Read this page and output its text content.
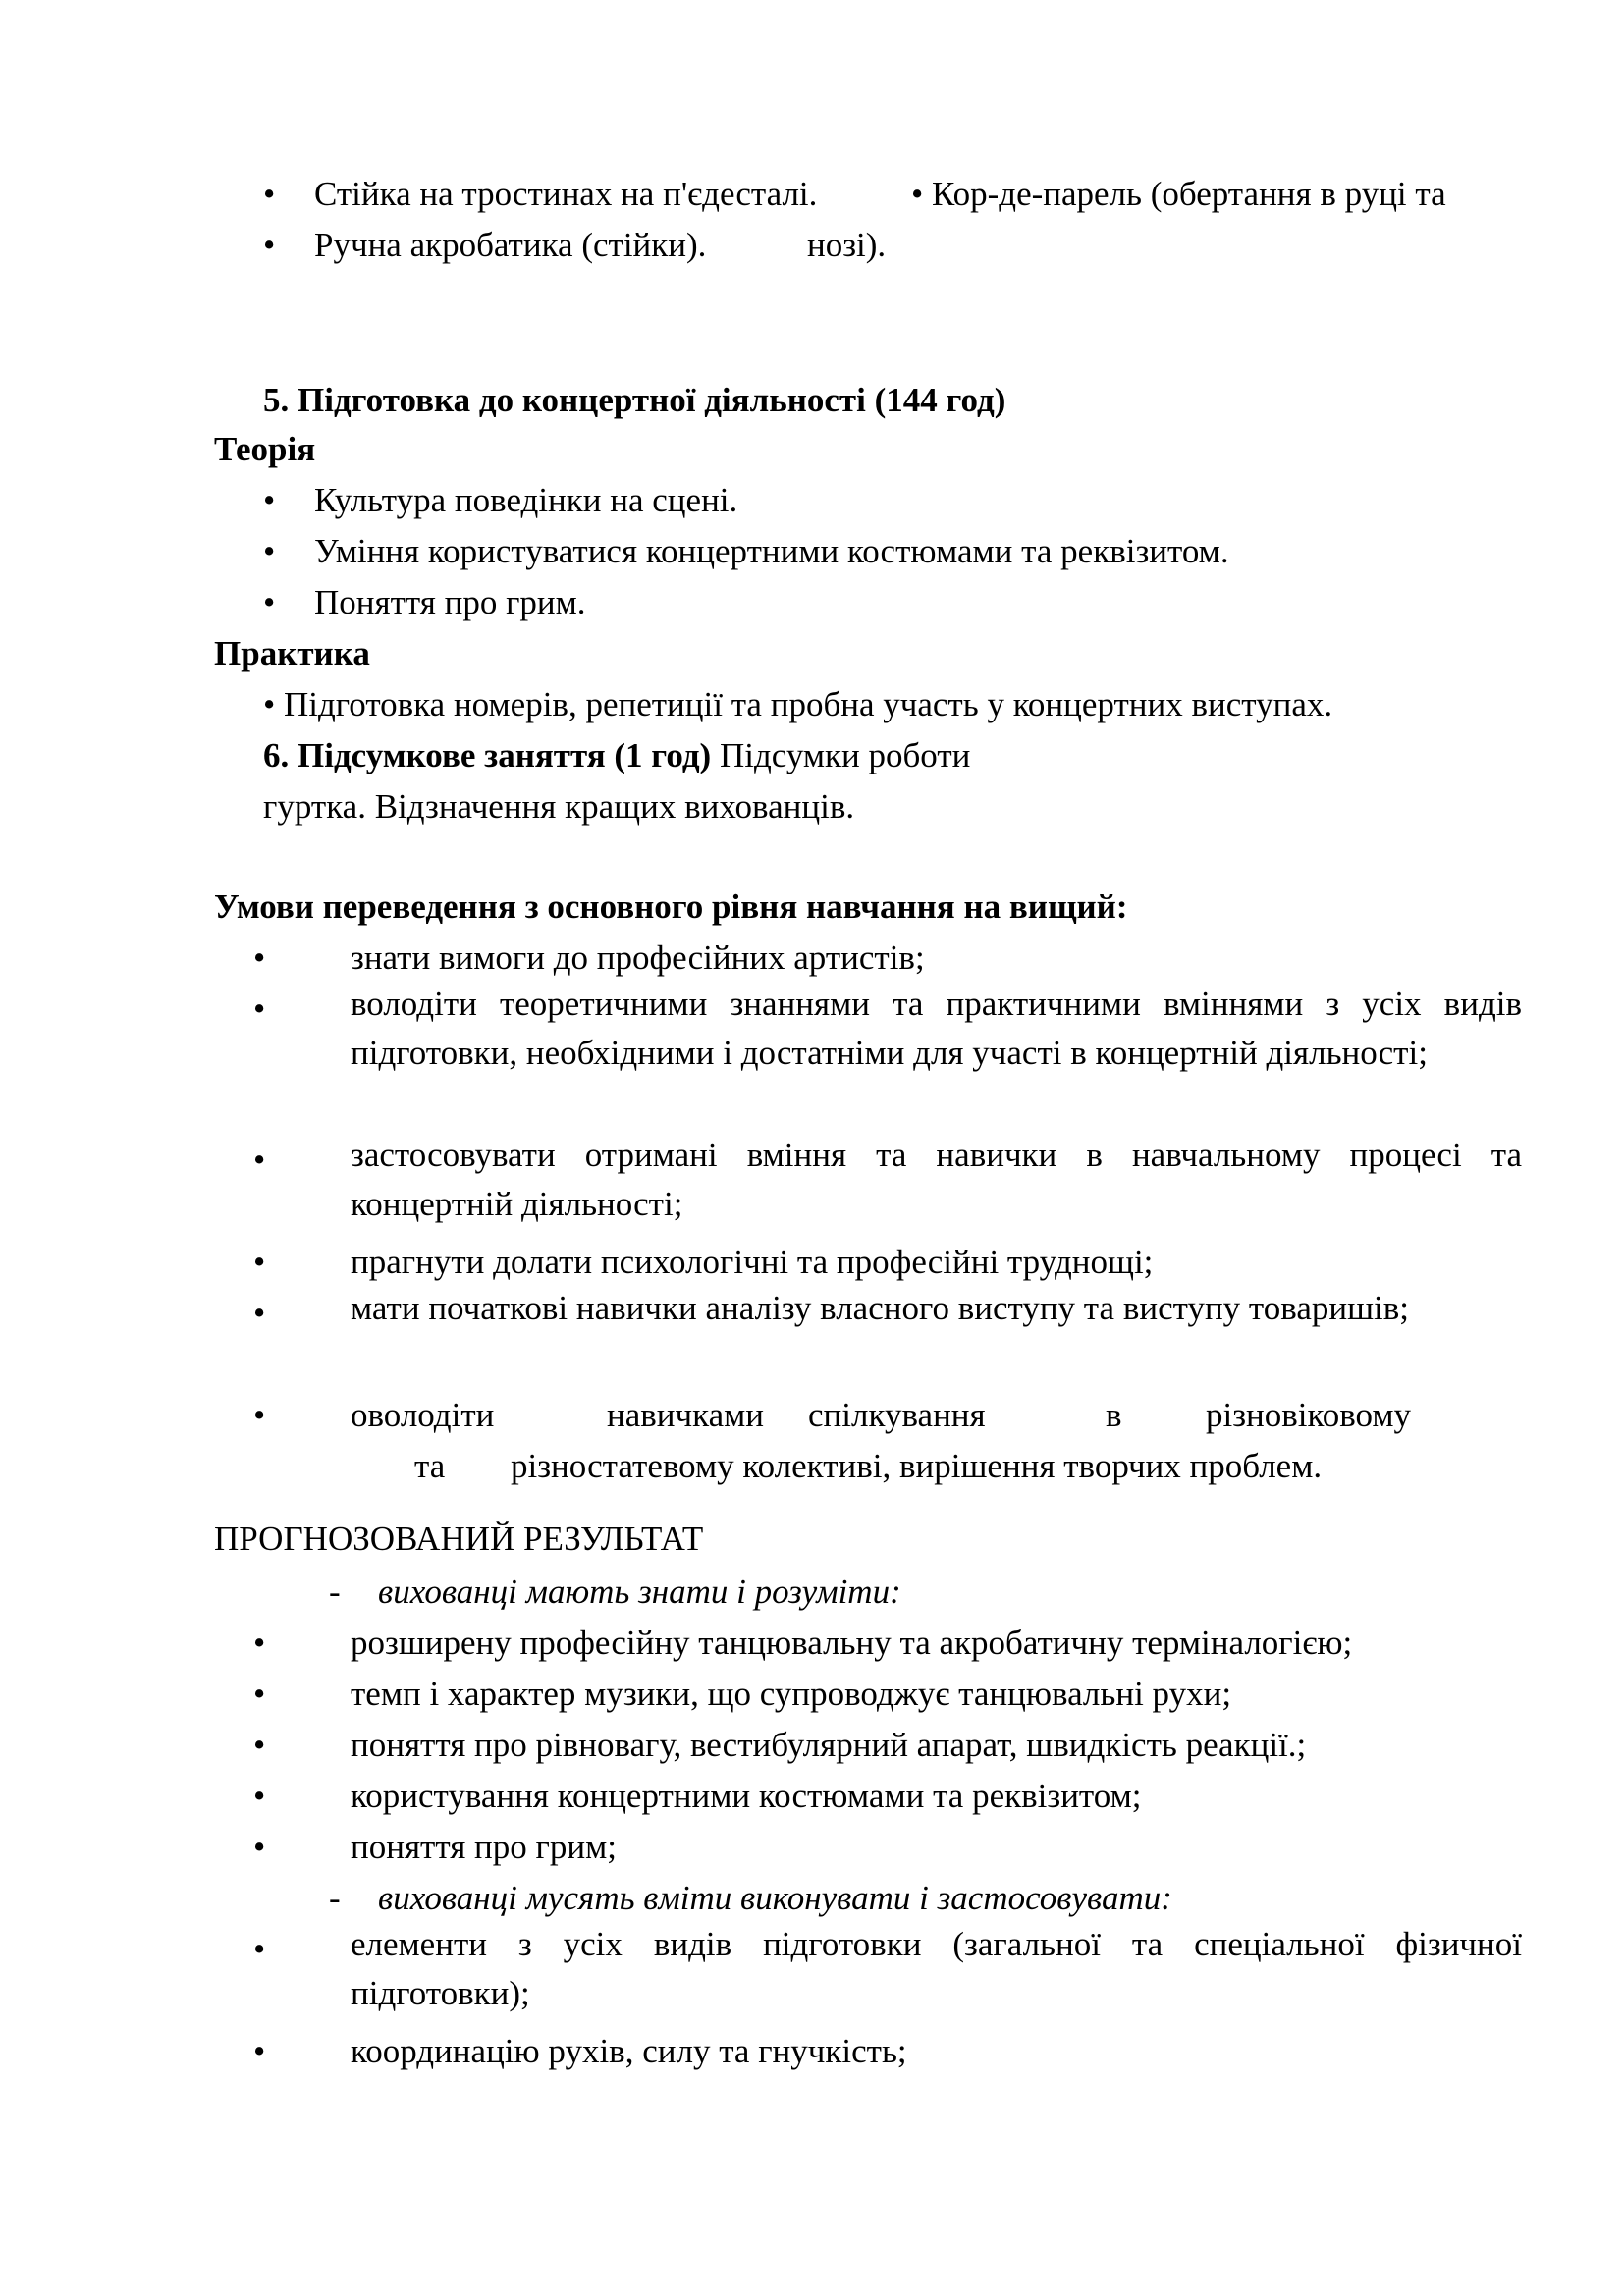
• Стійка на тростинах на п'єдесталі.	• Кор-де-парель (обертання в руці та
• Ручна акробатика (стійки).	нозі).
5. Підготовка до концертної діяльності (144 год)
Теорія
• Культура поведінки на сцені.
• Уміння користуватися концертними костюмами та реквізитом.
• Поняття про грим.
Практика
• Підготовка номерів, репетиції та пробна участь у концертних виступах.
6. Підсумкове заняття (1 год) Підсумки роботи
гуртка. Відзначення кращих вихованців.
Умови переведення з основного рівня навчання на вищий:
• знати вимоги до професійних артистів;
• володіти теоретичними знаннями та практичними вміннями з усіх видів підготовки, необхідними і достатніми для участі в концертній діяльності;
• застосовувати отримані вміння та навички в навчальному процесі та концертній діяльності;
• прагнути долати психологічні та професійні труднощі;
• мати початкові навички аналізу власного виступу та виступу товаришів;
• оволодіти	навичками спілкування	в різновіковому
та різностатевому колективі, вирішення творчих проблем.
ПРОГНОЗОВАНИЙ РЕЗУЛЬТАТ
- вихованці мають знати і розуміти:
• розширену професійну танцювальну та акробатичну терміналогією;
• темп і характер музики, що супроводжує танцювальні рухи;
• поняття про рівновагу, вестибулярний апарат, швидкість реакції.;
• користування концертними костюмами та реквізитом;
• поняття про грим;
- вихованці мусять вміти виконувати і застосовувати:
• елементи з усіх видів підготовки (загальної та спеціальної фізичної підготовки);
• координацію рухів, силу та гнучкість;
